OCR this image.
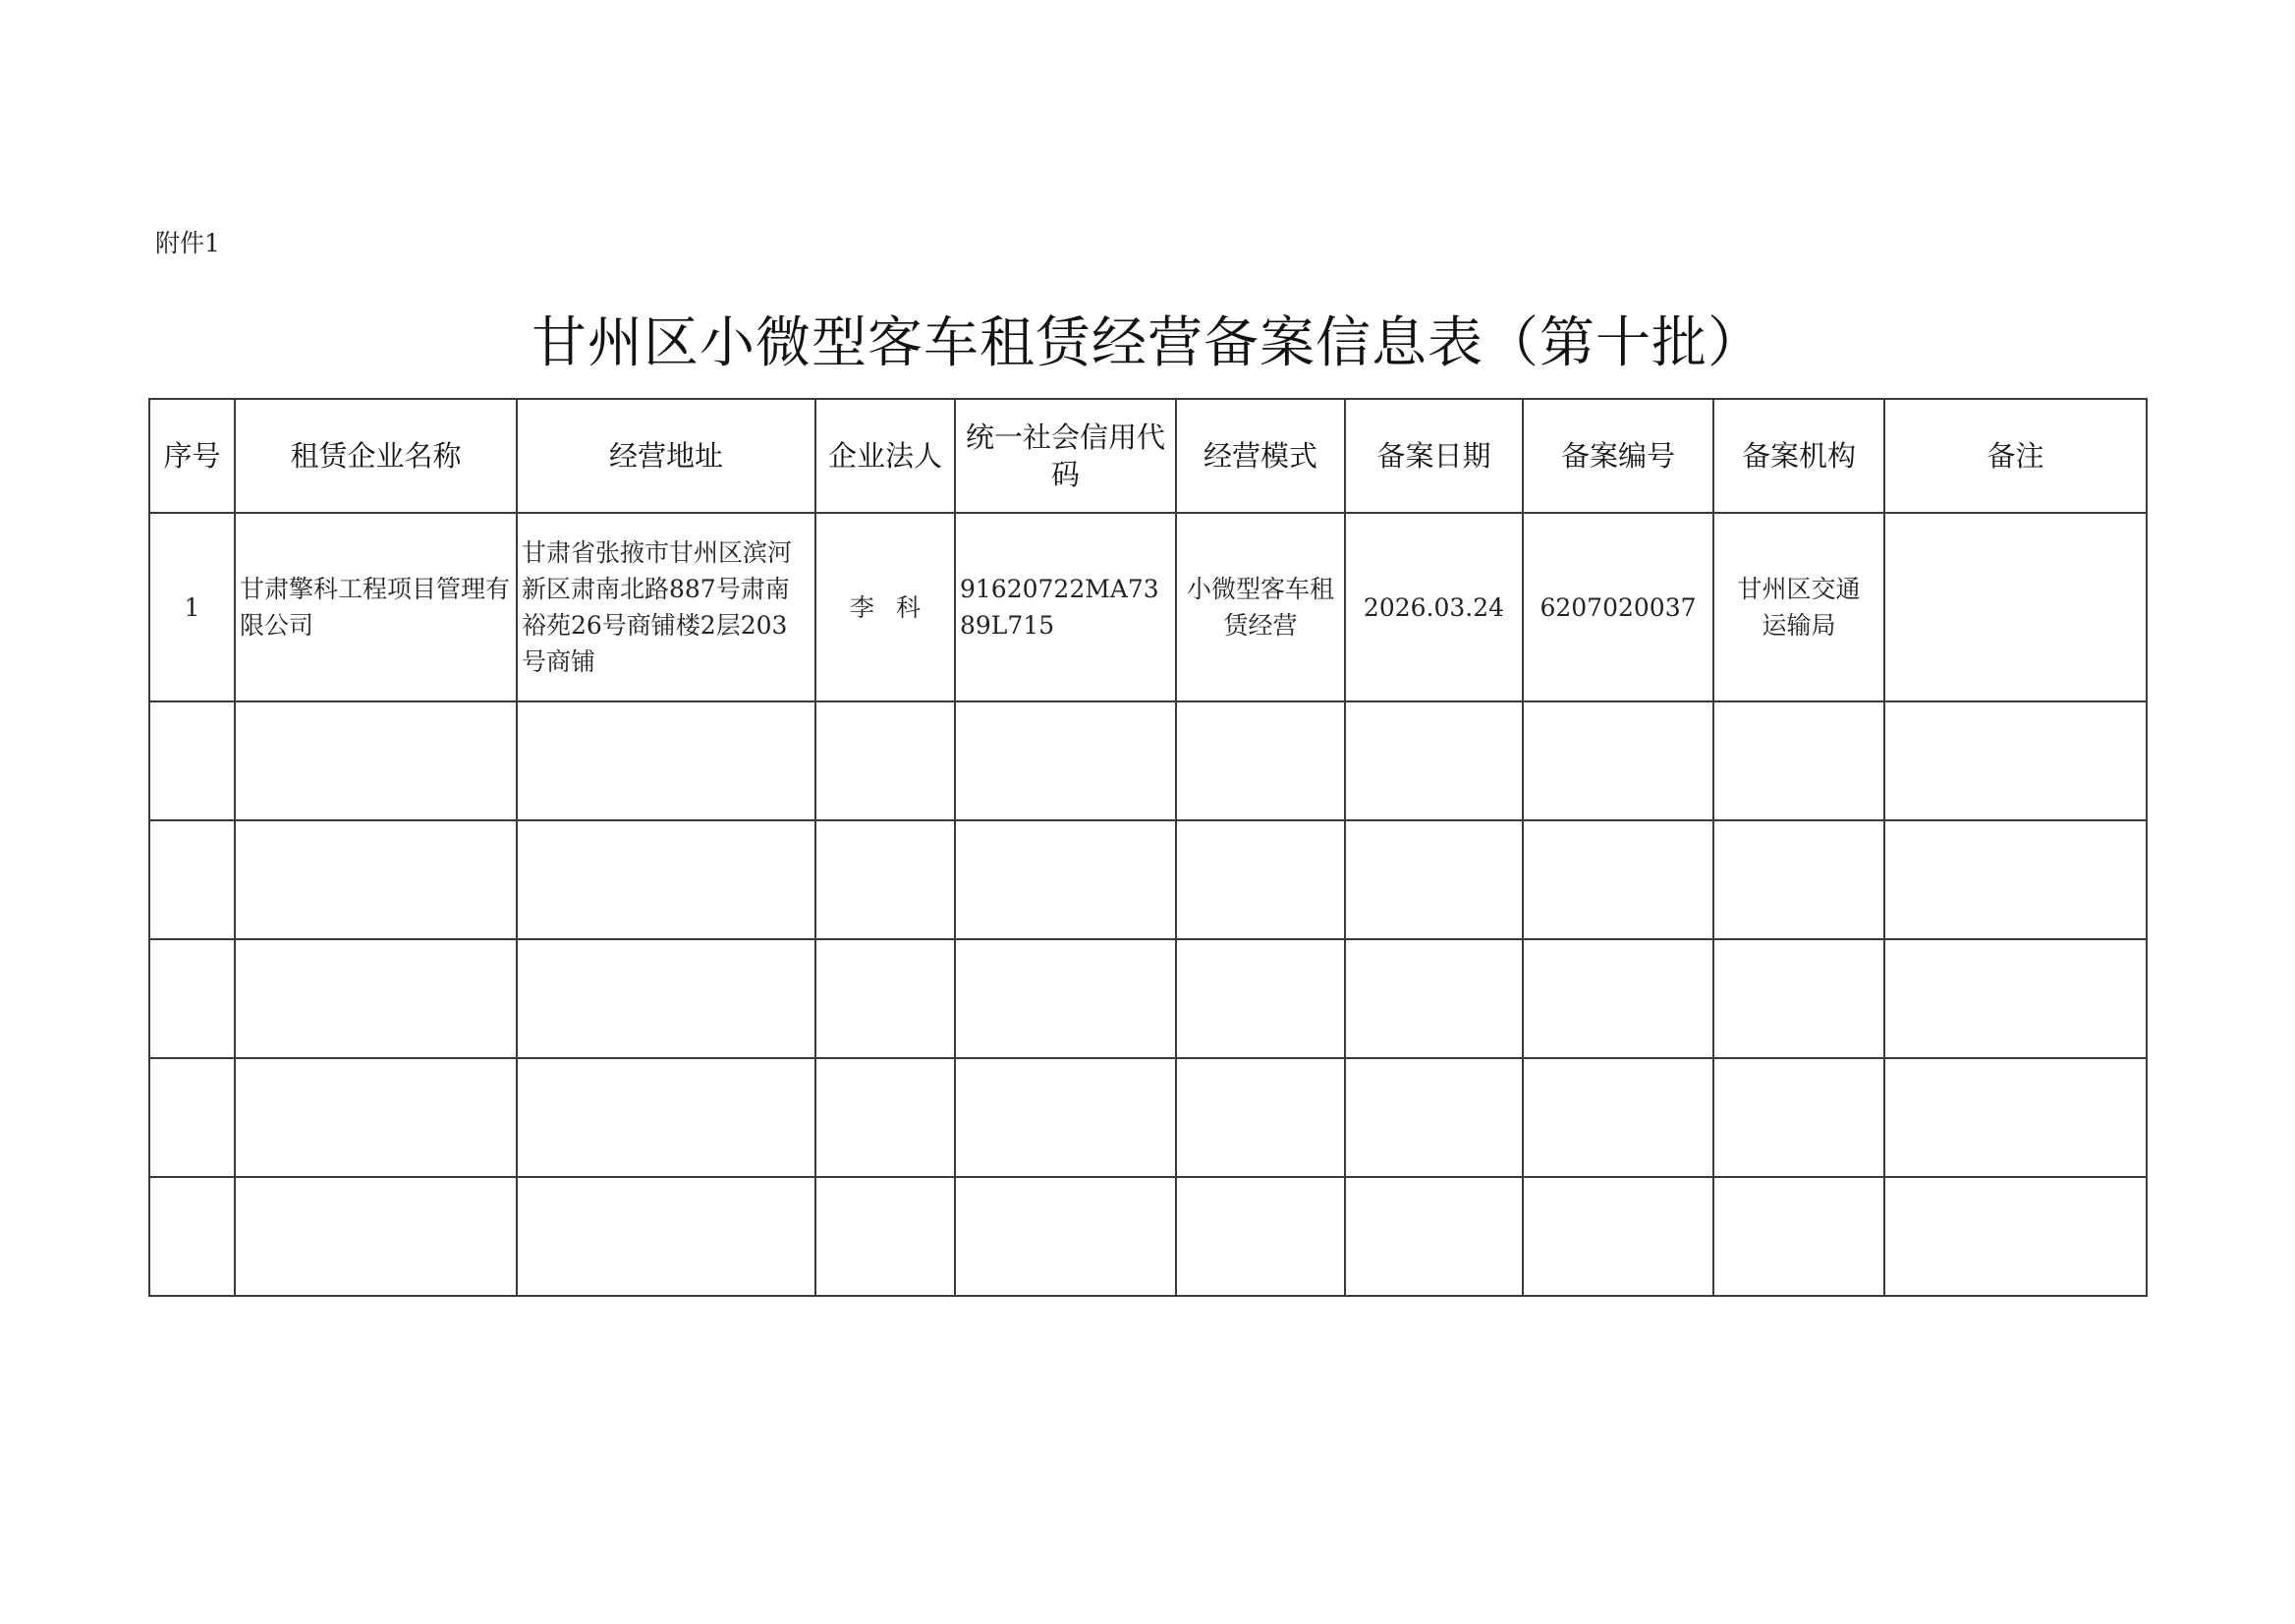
附件1
甘州区小微型客车租赁经营备案信息表（第十批）
序号	租赁企业名称	经营地址	企业法人	统一社会信用代码	经营模式	备案日期	备案编号	备案机构	备注
1	甘肃擎科工程项目管理有限公司	甘肃省张掖市甘州区滨河新区肃南北路887号肃南裕苑26号商铺楼2层203号商铺	李科	91620722MA7389L715	小微型客车租赁经营	2026.03.24	6207020037	甘州区交通运输局	
